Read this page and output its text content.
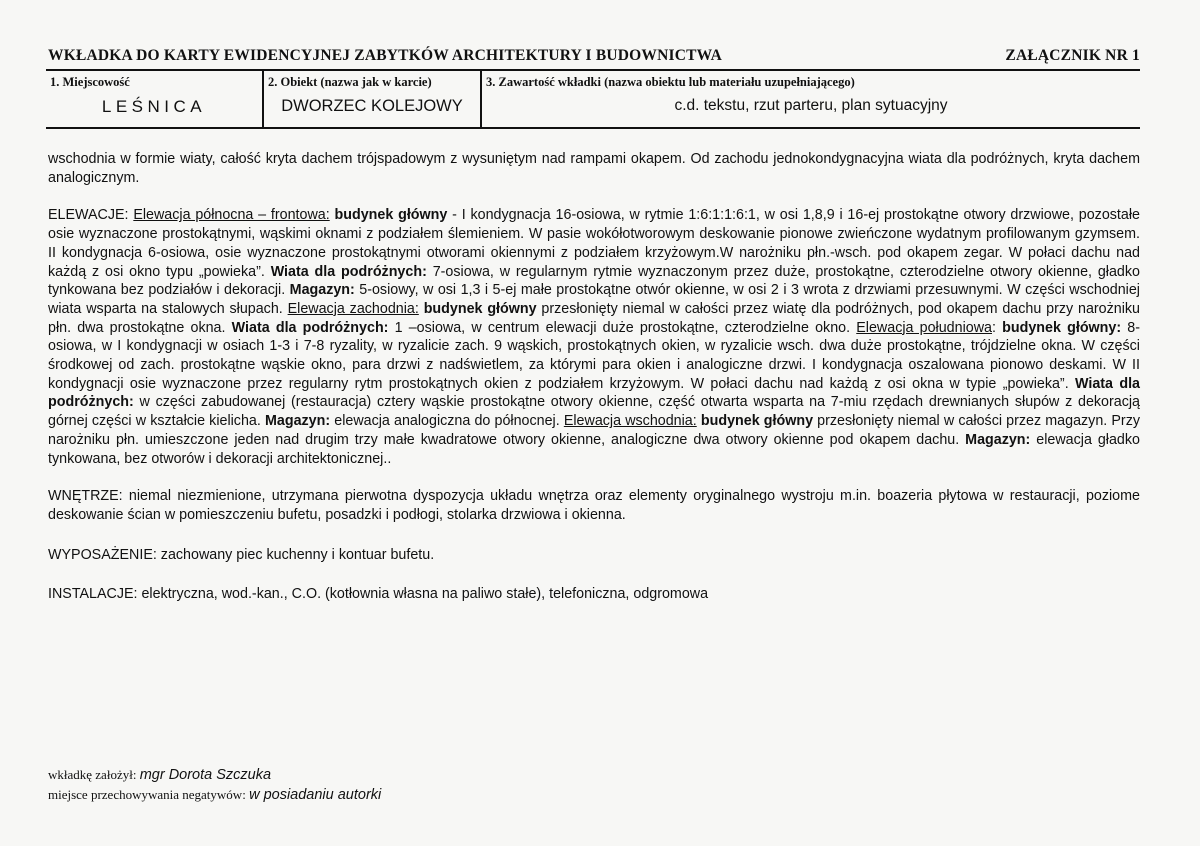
WKŁADKA DO KARTY EWIDENCYJNEJ ZABYTKÓW ARCHITEKTURY I BUDOWNICTWA	ZAŁĄCZNIK NR 1
1. Miejscowość
LEŚNICA
2. Obiekt (nazwa jak w karcie)
DWORZEC KOLEJOWY
3. Zawartość wkładki (nazwa obiektu lub materiału uzupełniającego)
c.d. tekstu, rzut parteru, plan sytuacyjny

wschodnia w formie wiaty, całość kryta dachem trójspadowym z wysuniętym nad rampami okapem. Od zachodu jednokondygnacyjna wiata dla podróżnych, kryta dachem analogicznym.

ELEWACJE: Elewacja północna – frontowa: budynek główny - I kondygnacja 16-osiowa, w rytmie 1:6:1:1:6:1, w osi 1,8,9 i 16-ej prostokątne otwory drzwiowe, pozostałe osie wyznaczone prostokątnymi, wąskimi oknami z podziałem ślemieniem. W pasie wokółotworowym deskowanie pionowe zwieńczone wydatnym profilowanym gzymsem. II kondygnacja 6-osiowa, osie wyznaczone prostokątnymi otworami okiennymi z podziałem krzyżowym.W narożniku płn.-wsch. pod okapem zegar. W połaci dachu nad każdą z osi okno typu „powieka”. Wiata dla podróżnych: 7-osiowa, w regularnym rytmie wyznaczonym przez duże, prostokątne, czterodzielne otwory okienne, gładko tynkowana bez podziałów i dekoracji. Magazyn: 5-osiowy, w osi 1,3 i 5-ej małe prostokątne otwór okienne, w osi 2 i 3 wrota z drzwiami przesuwnymi. W części wschodniej wiata wsparta na stalowych słupach. Elewacja zachodnia: budynek główny przesłonięty niemal w całości przez wiatę dla podróżnych, pod okapem dachu przy narożniku płn. dwa prostokątne okna. Wiata dla podróżnych: 1 –osiowa, w centrum elewacji duże prostokątne, czterodzielne okno. Elewacja południowa: budynek główny: 8-osiowa, w I kondygnacji w osiach 1-3 i 7-8 ryzality, w ryzalicie zach. 9 wąskich, prostokątnych okien, w ryzalicie wsch. dwa duże prostokątne, trójdzielne okna. W części środkowej od zach. prostokątne wąskie okno, para drzwi z nadświetlem, za którymi para okien i analogiczne drzwi. I kondygnacja oszalowana pionowo deskami. W II kondygnacji osie wyznaczone przez regularny rytm prostokątnych okien z podziałem krzyżowym. W połaci dachu nad każdą z osi okna w typie „powieka”. Wiata dla podróżnych: w części zabudowanej (restauracja) cztery wąskie prostokątne otwory okienne, część otwarta wsparta na 7-miu rzędach drewnianych słupów z dekoracją górnej części w kształcie kielicha. Magazyn: elewacja analogiczna do północnej. Elewacja wschodnia: budynek główny przesłonięty niemal w całości przez magazyn. Przy narożniku płn. umieszczone jeden nad drugim trzy małe kwadratowe otwory okienne, analogiczne dwa otwory okienne pod okapem dachu. Magazyn: elewacja gładko tynkowana, bez otworów i dekoracji architektonicznej..

WNĘTRZE: niemal niezmienione, utrzymana pierwotna dyspozycja układu wnętrza oraz elementy oryginalnego wystroju m.in. boazeria płytowa w restauracji, poziome deskowanie ścian w pomieszczeniu bufetu, posadzki i podłogi, stolarka drzwiowa i okienna.

WYPOSAŻENIE: zachowany piec kuchenny i kontuar bufetu.

INSTALACJE: elektryczna, wod.-kan., C.O. (kotłownia własna na paliwo stałe), telefoniczna, odgromowa

wkładkę założył: mgr Dorota Szczuka
miejsce przechowywania negatywów: w posiadaniu autorki
